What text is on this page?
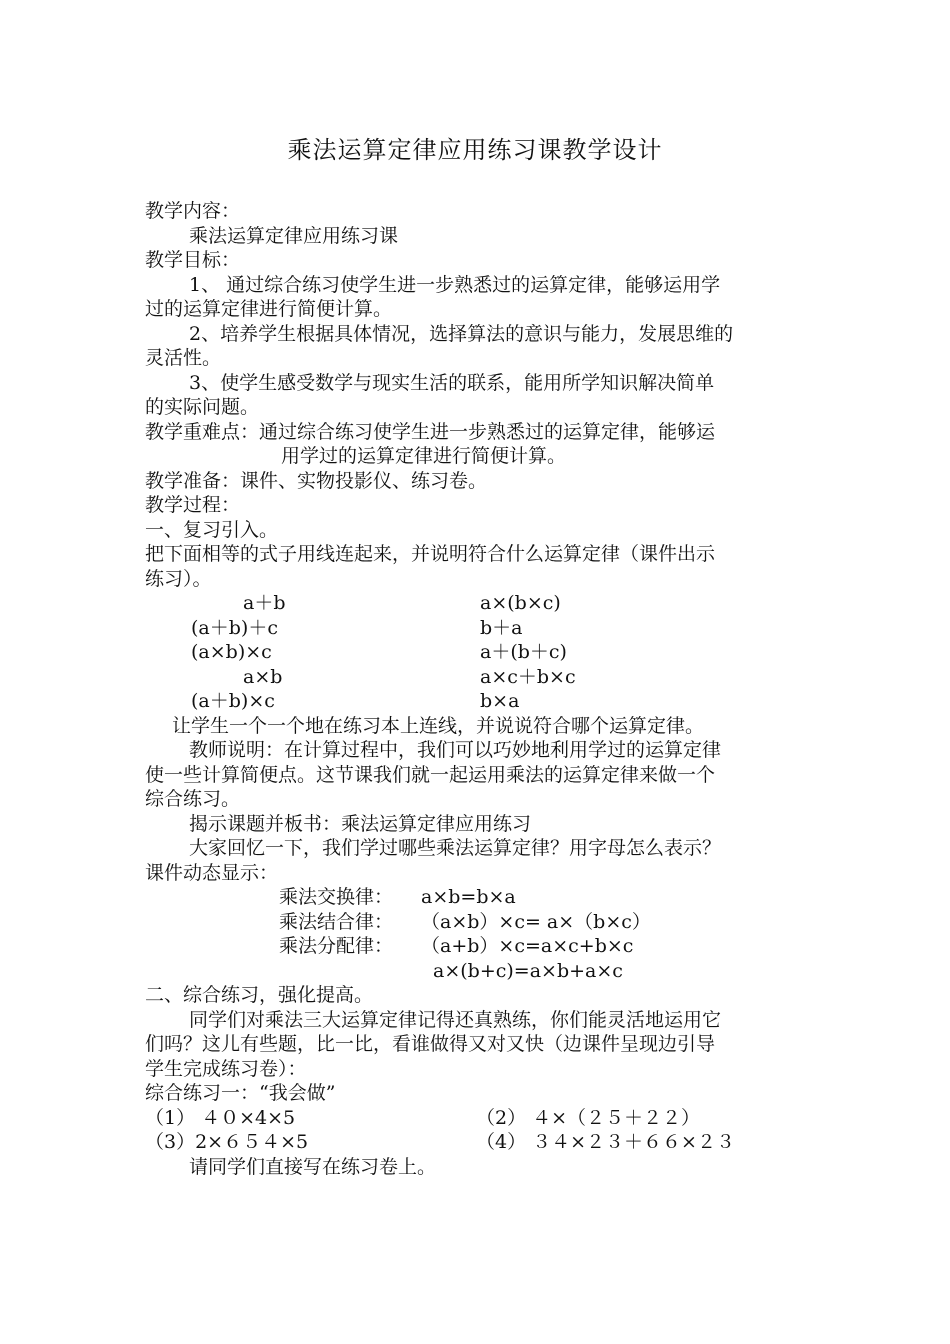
乘法运算定律应用练习课教学设计
教学内容：
乘法运算定律应用练习课
教学目标：
1、 通过综合练习使学生进一步熟悉过的运算定律，能够运用学
过的运算定律进行简便计算。
2、培养学生根据具体情况，选择算法的意识与能力，发展思维的
灵活性。
3、使学生感受数学与现实生活的联系，能用所学知识解决简单
的实际问题。
教学重难点：通过综合练习使学生进一步熟悉过的运算定律，能够运
用学过的运算定律进行简便计算。
教学准备：课件、实物投影仪、练习卷。
教学过程：
一、复习引入。
把下面相等的式子用线连起来，并说明符合什么运算定律（课件出示
练习）。
a＋b	a×(b×c)
(a＋b)＋c	b＋a
(a×b)×c	a＋(b＋c)
a×b	a×c＋b×c
(a＋b)×c	b×a
让学生一个一个地在练习本上连线，并说说符合哪个运算定律。
教师说明：在计算过程中，我们可以巧妙地利用学过的运算定律
使一些计算简便点。这节课我们就一起运用乘法的运算定律来做一个
综合练习。
揭示课题并板书：乘法运算定律应用练习
大家回忆一下，我们学过哪些乘法运算定律？用字母怎么表示？
课件动态显示：
乘法交换律： a×b=b×a
乘法结合律： （a×b）×c= a×（b×c）
乘法分配律： （a+b）×c=a×c+b×c
a×(b+c)=a×b+a×c
二、综合练习，强化提高。
同学们对乘法三大运算定律记得还真熟练，你们能灵活地运用它
们吗？这儿有些题，比一比，看谁做得又对又快（边课件呈现边引导
学生完成练习卷）：
综合练习一：“我会做”
（1） ４０×4×5	（2） ４×（２５＋２２）
（3）2×６５４×5	（4） ３４×２３＋６６×２３
请同学们直接写在练习卷上。
